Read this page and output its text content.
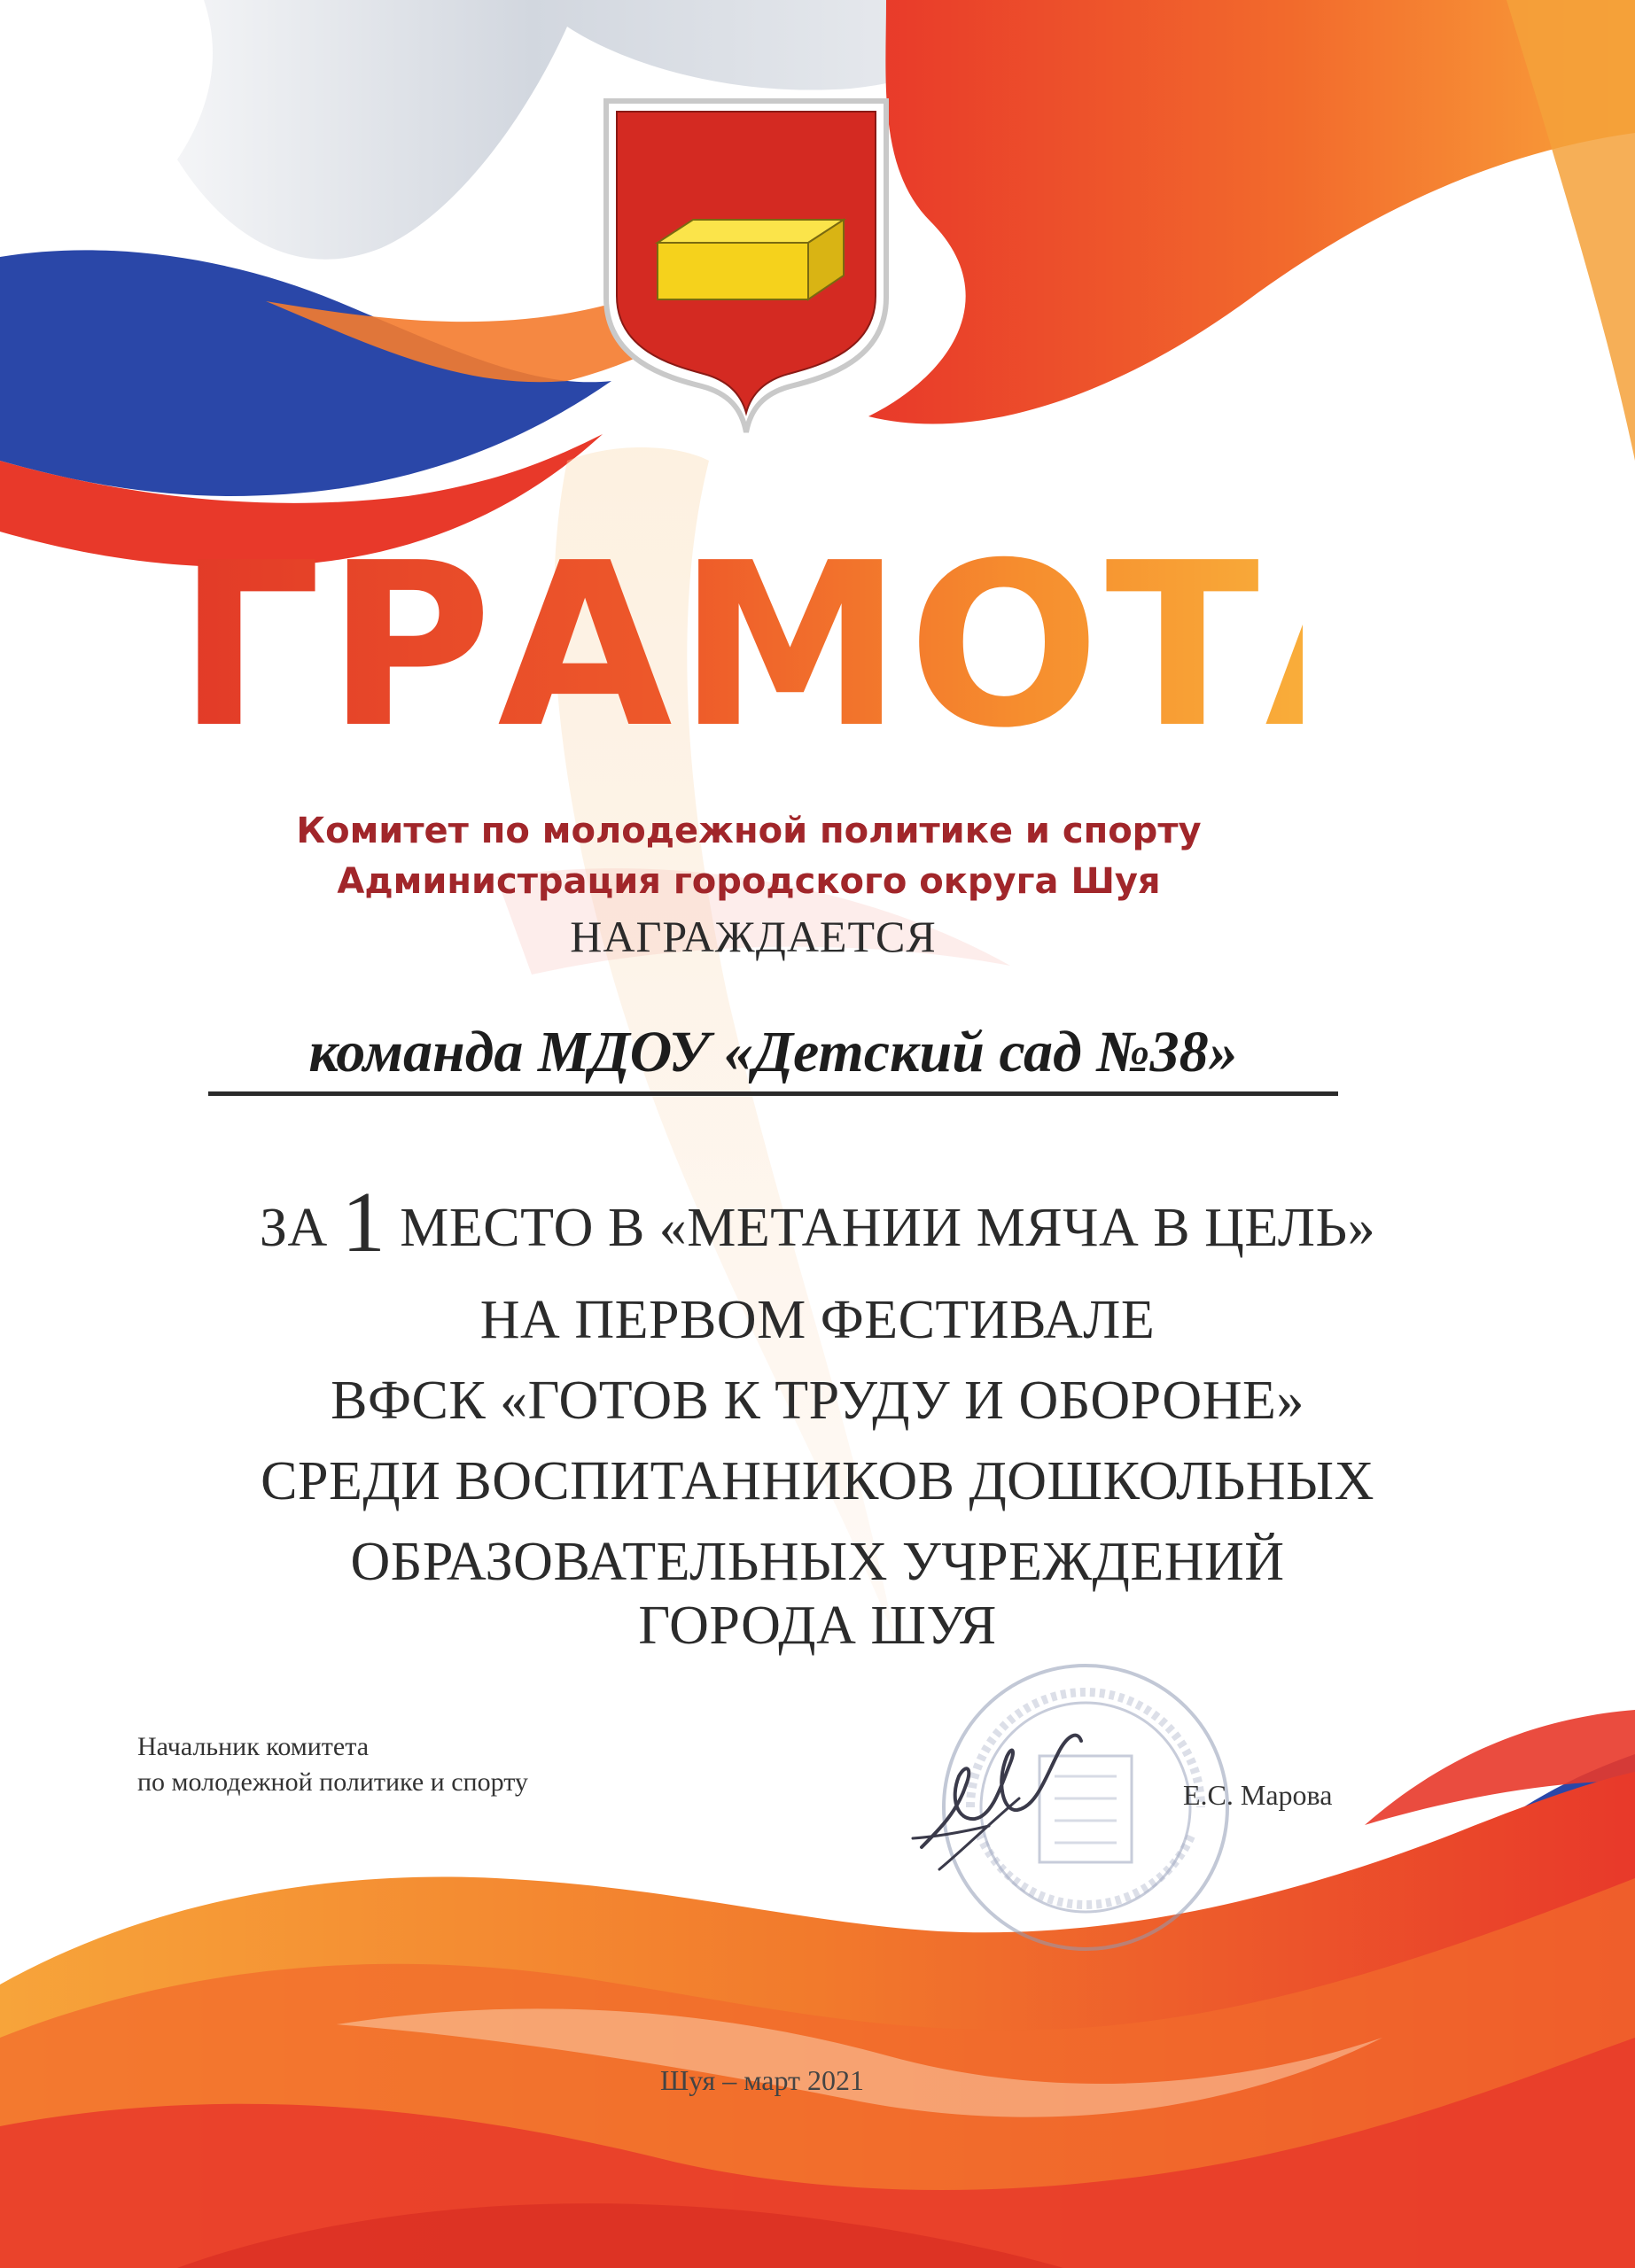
ГРАМОТА
Комитет по молодежной политике и спорту
Администрация городского округа Шуя
НАГРАЖДАЕТСЯ
команда МДОУ «Детский сад №38»
ЗА 1 МЕСТО В «МЕТАНИИ МЯЧА В ЦЕЛЬ»
НА ПЕРВОМ ФЕСТИВАЛЕ
ВФСК «ГОТОВ К ТРУДУ И ОБОРОНЕ»
СРЕДИ ВОСПИТАННИКОВ ДОШКОЛЬНЫХ
ОБРАЗОВАТЕЛЬНЫХ УЧРЕЖДЕНИЙ
ГОРОДА ШУЯ
Начальник комитета
по молодежной политике и спорту	Е.С. Марова
Шуя – март 2021
